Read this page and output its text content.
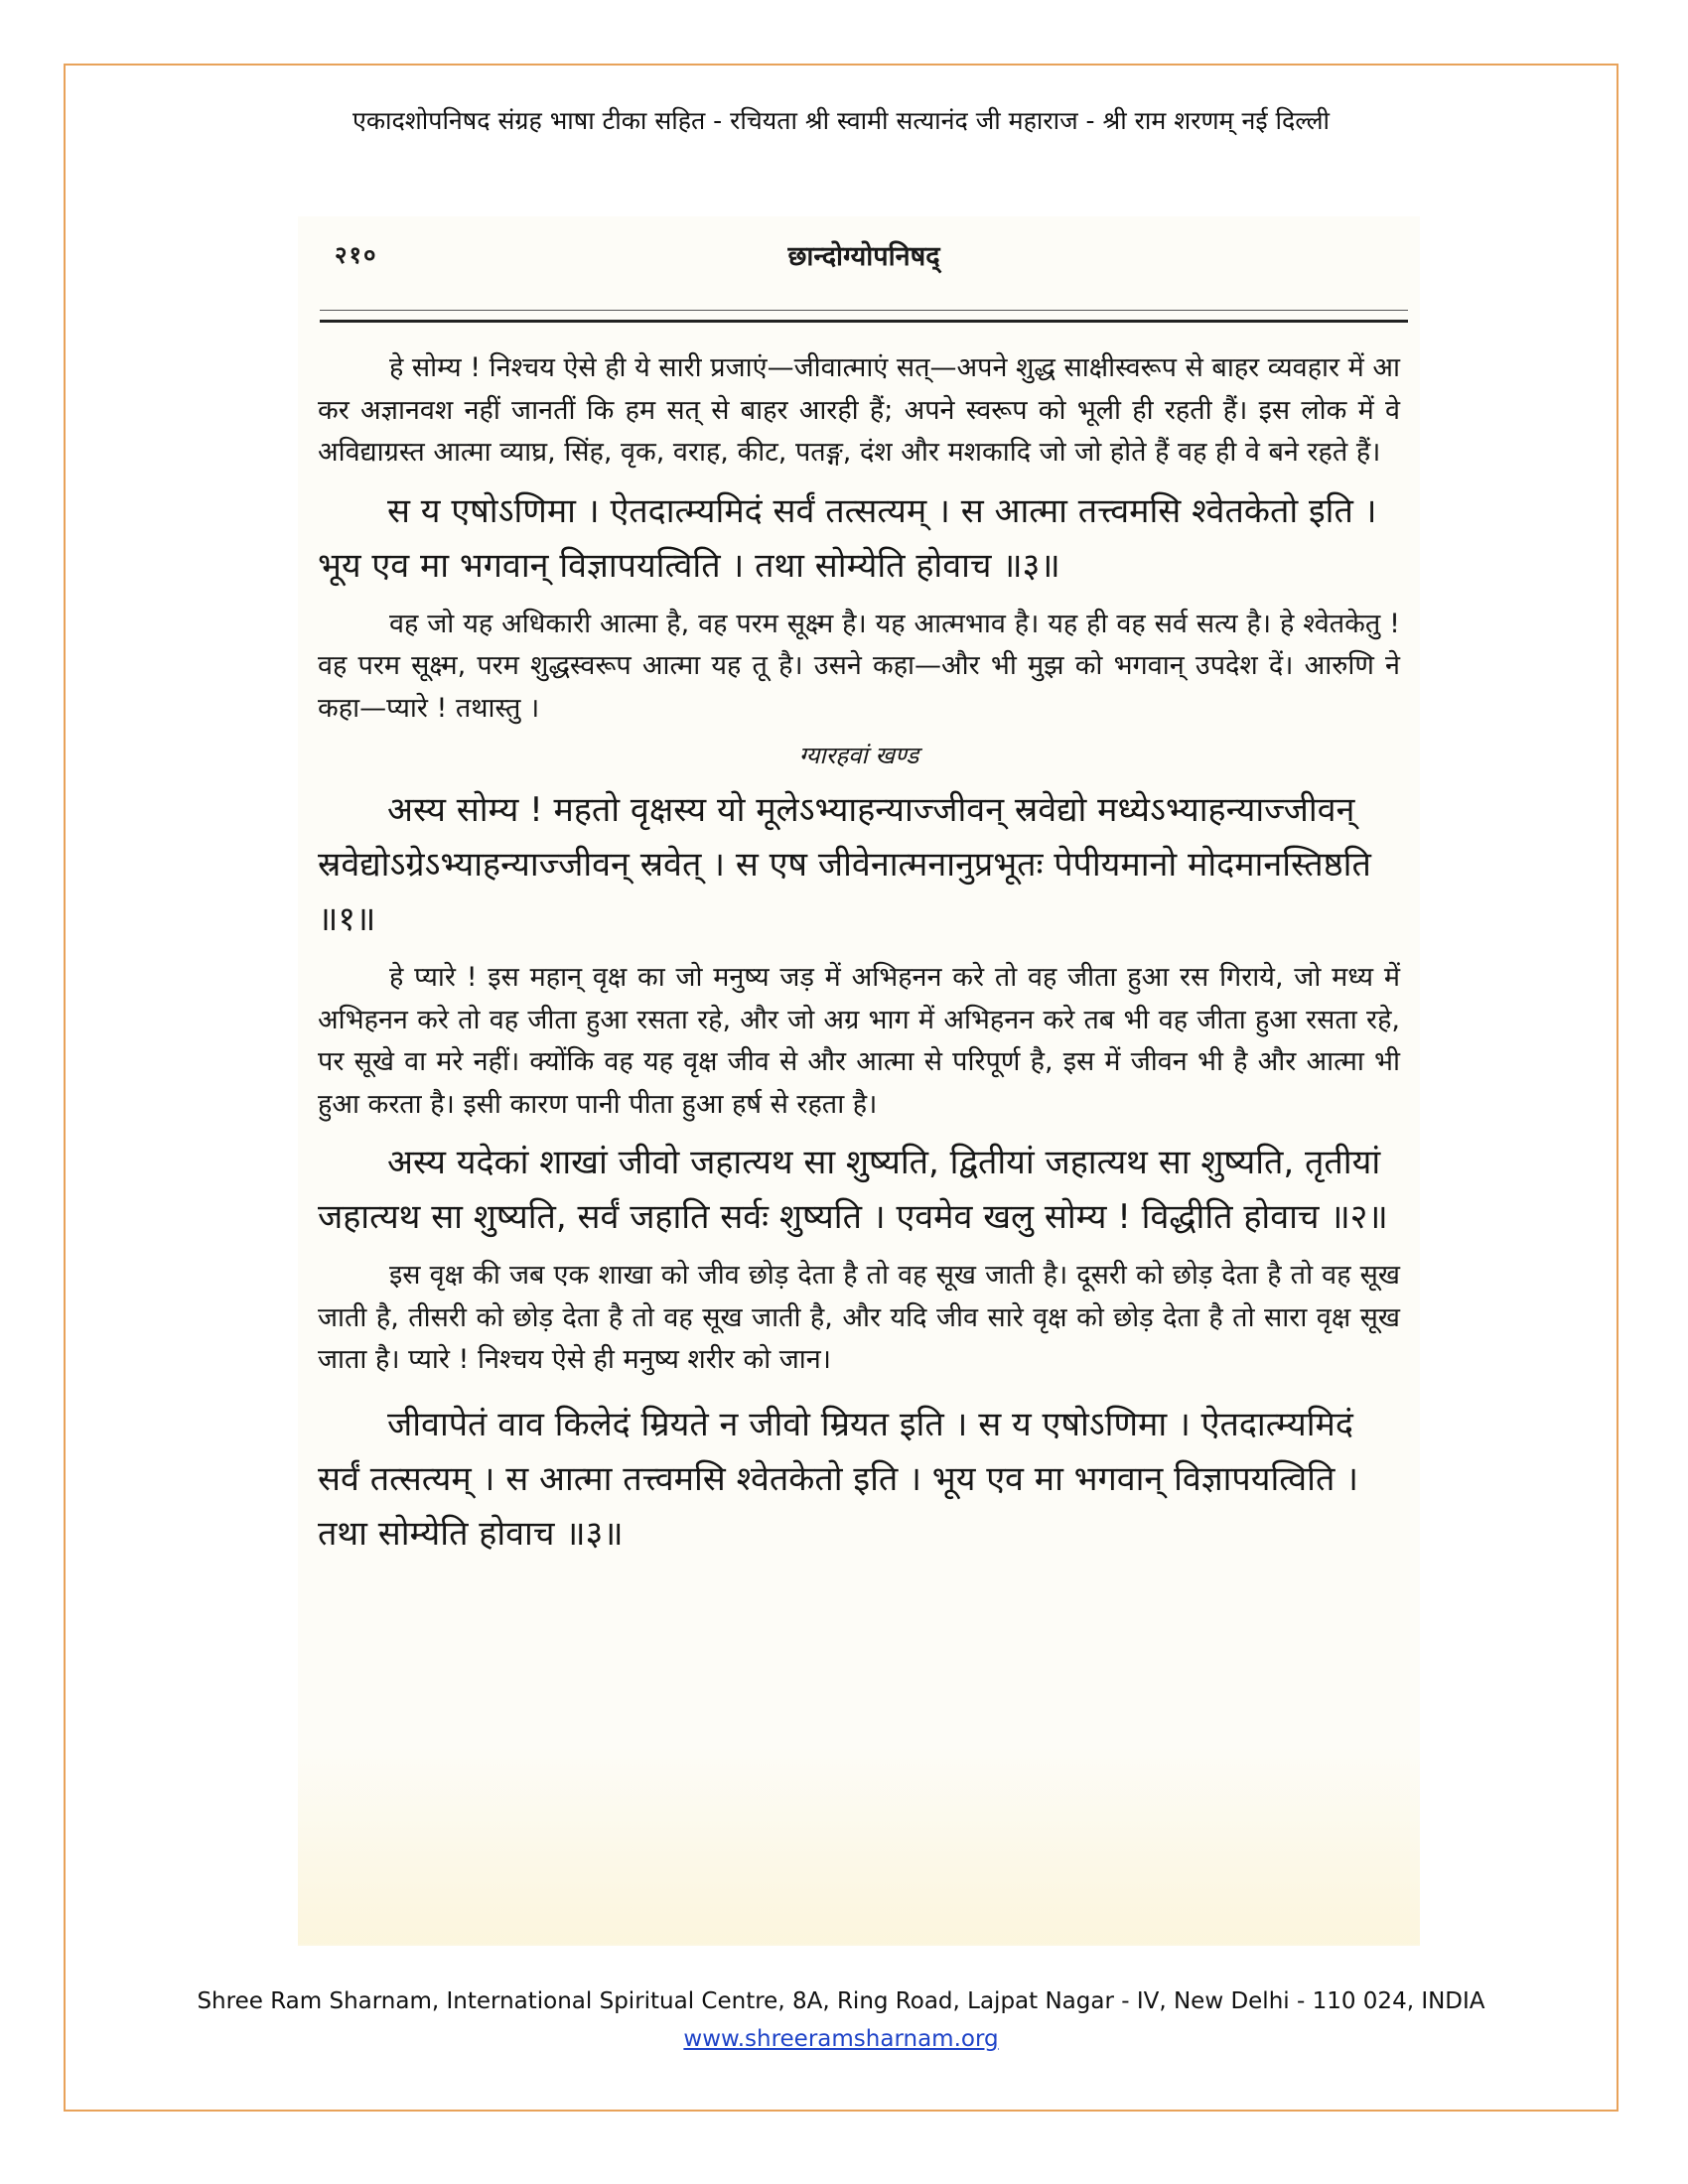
एकादशोपनिषद संग्रह भाषा टीका सहित - रचियता श्री स्वामी सत्यानंद जी महाराज - श्री राम शरणम् नई दिल्ली
२१०	छान्दोग्योपनिषद्

हे सोम्य ! निश्चय ऐसे ही ये सारी प्रजाएं—जीवात्माएं सत्—अपने शुद्ध साक्षीस्वरूप से बाहर व्यवहार में आ कर अज्ञानवश नहीं जानतीं कि हम सत् से बाहर आरही हैं; अपने स्वरूप को भूली ही रहती हैं। इस लोक में वे अविद्याग्रस्त आत्मा व्याघ्र, सिंह, वृक, वराह, कीट, पतङ्ग, दंश और मशकादि जो जो होते हैं वह ही वे बने रहते हैं।

स य एषोऽणिमा । ऐतदात्म्यमिदं सर्वं तत्सत्यम् । स आत्मा तत्त्वमसि श्वेतकेतो इति । भूय एव मा भगवान् विज्ञापयत्विति । तथा सोम्येति होवाच ॥३॥

वह जो यह अधिकारी आत्मा है, वह परम सूक्ष्म है। यह आत्मभाव है। यह ही वह सर्व सत्य है। हे श्वेतकेतु ! वह परम सूक्ष्म, परम शुद्धस्वरूप आत्मा यह तू है। उसने कहा—और भी मुझ को भगवान् उपदेश दें। आरुणि ने कहा—प्यारे ! तथास्तु ।

ग्यारहवां खण्ड

अस्य सोम्य ! महतो वृक्षस्य यो मूलेऽभ्याहन्याज्जीवन् स्रवेद्यो मध्येऽभ्याहन्याज्जीवन् स्रवेद्योऽग्रेऽभ्याहन्याज्जीवन् स्रवेत् । स एष जीवेनात्मनानुप्रभूतः पेपीयमानो मोदमानस्तिष्ठति ॥१॥

हे प्यारे ! इस महान् वृक्ष का जो मनुष्य जड़ में अभिहनन करे तो वह जीता हुआ रस गिराये, जो मध्य में अभिहनन करे तो वह जीता हुआ रसता रहे, और जो अग्र भाग में अभिहनन करे तब भी वह जीता हुआ रसता रहे, पर सूखे वा मरे नहीं। क्योंकि वह यह वृक्ष जीव से और आत्मा से परिपूर्ण है, इस में जीवन भी है और आत्मा भी हुआ करता है। इसी कारण पानी पीता हुआ हर्ष से रहता है।

अस्य यदेकां शाखां जीवो जहात्यथ सा शुष्यति, द्वितीयां जहात्यथ सा शुष्यति, तृतीयां जहात्यथ सा शुष्यति, सर्वं जहाति सर्वः शुष्यति । एवमेव खलु सोम्य ! विद्धीति होवाच ॥२॥

इस वृक्ष की जब एक शाखा को जीव छोड़ देता है तो वह सूख जाती है। दूसरी को छोड़ देता है तो वह सूख जाती है, तीसरी को छोड़ देता है तो वह सूख जाती है, और यदि जीव सारे वृक्ष को छोड़ देता है तो सारा वृक्ष सूख जाता है। प्यारे ! निश्चय ऐसे ही मनुष्य शरीर को जान।

जीवापेतं वाव किलेदं म्रियते न जीवो म्रियत इति । स य एषोऽणिमा । ऐतदात्म्यमिदं सर्वं तत्सत्यम् । स आत्मा तत्त्वमसि श्वेतकेतो इति । भूय एव मा भगवान् विज्ञापयत्विति । तथा सोम्येति होवाच ॥३॥

Shree Ram Sharnam, International Spiritual Centre, 8A, Ring Road, Lajpat Nagar - IV, New Delhi - 110 024, INDIA
www.shreeramsharnam.org
